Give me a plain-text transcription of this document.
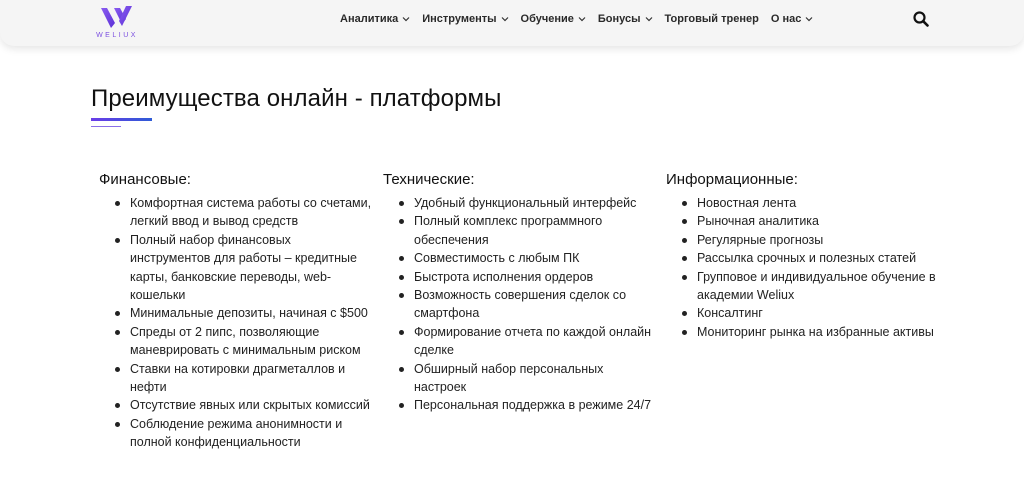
WELIUX
Аналитика Инструменты Обучение Бонусы Торговый тренер О нас
Преимущества онлайн - платформы
Финансовые:
Комфортная система работы со счетами, легкий ввод и вывод средств
Полный набор финансовых инструментов для работы – кредитные карты, банковские переводы, web-кошельки
Минимальные депозиты, начиная с $500
Спреды от 2 пипс, позволяющие маневрировать с минимальным риском
Ставки на котировки драгметаллов и нефти
Отсутствие явных или скрытых комиссий
Соблюдение режима анонимности и полной конфиденциальности
Технические:
Удобный функциональный интерфейс
Полный комплекс программного обеспечения
Совместимость с любым ПК
Быстрота исполнения ордеров
Возможность совершения сделок со смартфона
Формирование отчета по каждой онлайн сделке
Обширный набор персональных настроек
Персональная поддержка в режиме 24/7
Информационные:
Новостная лента
Рыночная аналитика
Регулярные прогнозы
Рассылка срочных и полезных статей
Групповое и индивидуальное обучение в академии Weliux
Консалтинг
Мониторинг рынка на избранные активы
